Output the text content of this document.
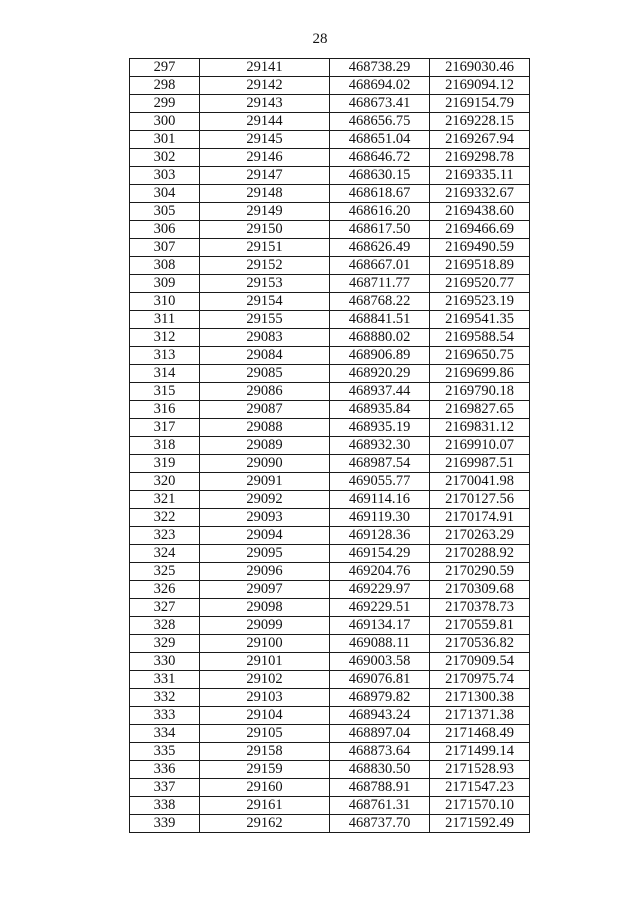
28
297	29141	468738.29	2169030.46
298	29142	468694.02	2169094.12
299	29143	468673.41	2169154.79
300	29144	468656.75	2169228.15
301	29145	468651.04	2169267.94
302	29146	468646.72	2169298.78
303	29147	468630.15	2169335.11
304	29148	468618.67	2169332.67
305	29149	468616.20	2169438.60
306	29150	468617.50	2169466.69
307	29151	468626.49	2169490.59
308	29152	468667.01	2169518.89
309	29153	468711.77	2169520.77
310	29154	468768.22	2169523.19
311	29155	468841.51	2169541.35
312	29083	468880.02	2169588.54
313	29084	468906.89	2169650.75
314	29085	468920.29	2169699.86
315	29086	468937.44	2169790.18
316	29087	468935.84	2169827.65
317	29088	468935.19	2169831.12
318	29089	468932.30	2169910.07
319	29090	468987.54	2169987.51
320	29091	469055.77	2170041.98
321	29092	469114.16	2170127.56
322	29093	469119.30	2170174.91
323	29094	469128.36	2170263.29
324	29095	469154.29	2170288.92
325	29096	469204.76	2170290.59
326	29097	469229.97	2170309.68
327	29098	469229.51	2170378.73
328	29099	469134.17	2170559.81
329	29100	469088.11	2170536.82
330	29101	469003.58	2170909.54
331	29102	469076.81	2170975.74
332	29103	468979.82	2171300.38
333	29104	468943.24	2171371.38
334	29105	468897.04	2171468.49
335	29158	468873.64	2171499.14
336	29159	468830.50	2171528.93
337	29160	468788.91	2171547.23
338	29161	468761.31	2171570.10
339	29162	468737.70	2171592.49
